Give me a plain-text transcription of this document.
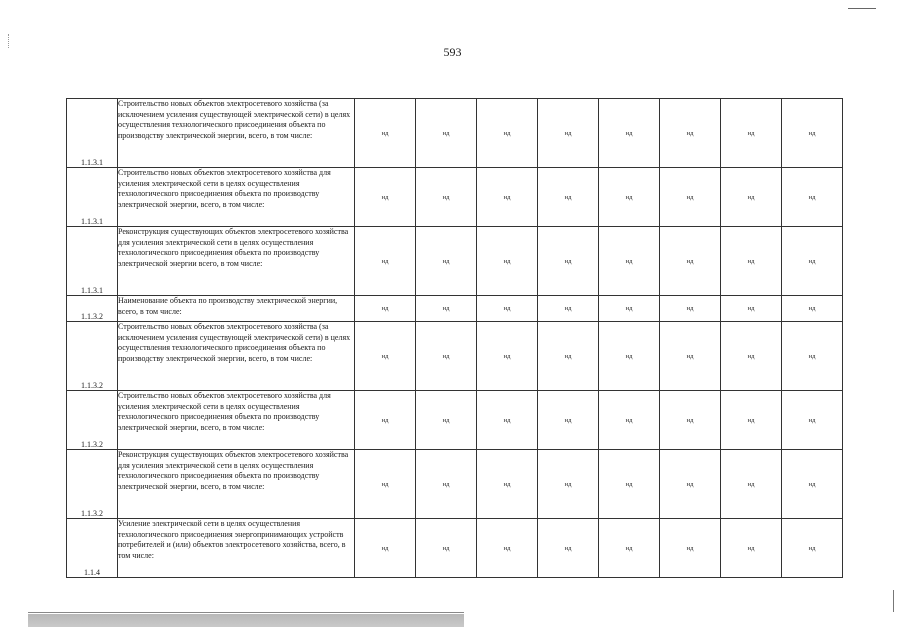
593
1.1.3.1	Строительство новых объектов электросетевого хозяйства (за исключением усиления существующей электрической сети) в целях осуществления технологического присоединения объекта по производству электрической энергии, всего, в том числе:	нд	нд	нд	нд	нд	нд	нд	нд
1.1.3.1	Строительство новых объектов электросетевого хозяйства для усиления электрической сети в целях осуществления технологического присоединения объекта по производству электрической энергии, всего, в том числе:	нд	нд	нд	нд	нд	нд	нд	нд
1.1.3.1	Реконструкция существующих объектов электросетевого хозяйства для усиления электрической сети в целях осуществления технологического присоединения объекта по производству электрической энергии всего, в том числе:	нд	нд	нд	нд	нд	нд	нд	нд
1.1.3.2	Наименование объекта по производству электрической энергии, всего, в том числе:	нд	нд	нд	нд	нд	нд	нд	нд
1.1.3.2	Строительство новых объектов электросетевого хозяйства (за исключением усиления существующей электрической сети) в целях осуществления технологического присоединения объекта по производству электрической энергии, всего, в том числе:	нд	нд	нд	нд	нд	нд	нд	нд
1.1.3.2	Строительство новых объектов электросетевого хозяйства для усиления электрической сети в целях осуществления технологического присоединения объекта по производству электрической энергии, всего, в том числе:	нд	нд	нд	нд	нд	нд	нд	нд
1.1.3.2	Реконструкция существующих объектов электросетевого хозяйства для усиления электрической сети в целях осуществления технологического присоединения объекта по производству электрической энергии, всего, в том числе:	нд	нд	нд	нд	нд	нд	нд	нд
1.1.4	Усиление электрической сети в целях осуществления технологического присоединения энергопринимающих устройств потребителей и (или) объектов электросетевого хозяйства, всего, в том числе:	нд	нд	нд	нд	нд	нд	нд	нд
